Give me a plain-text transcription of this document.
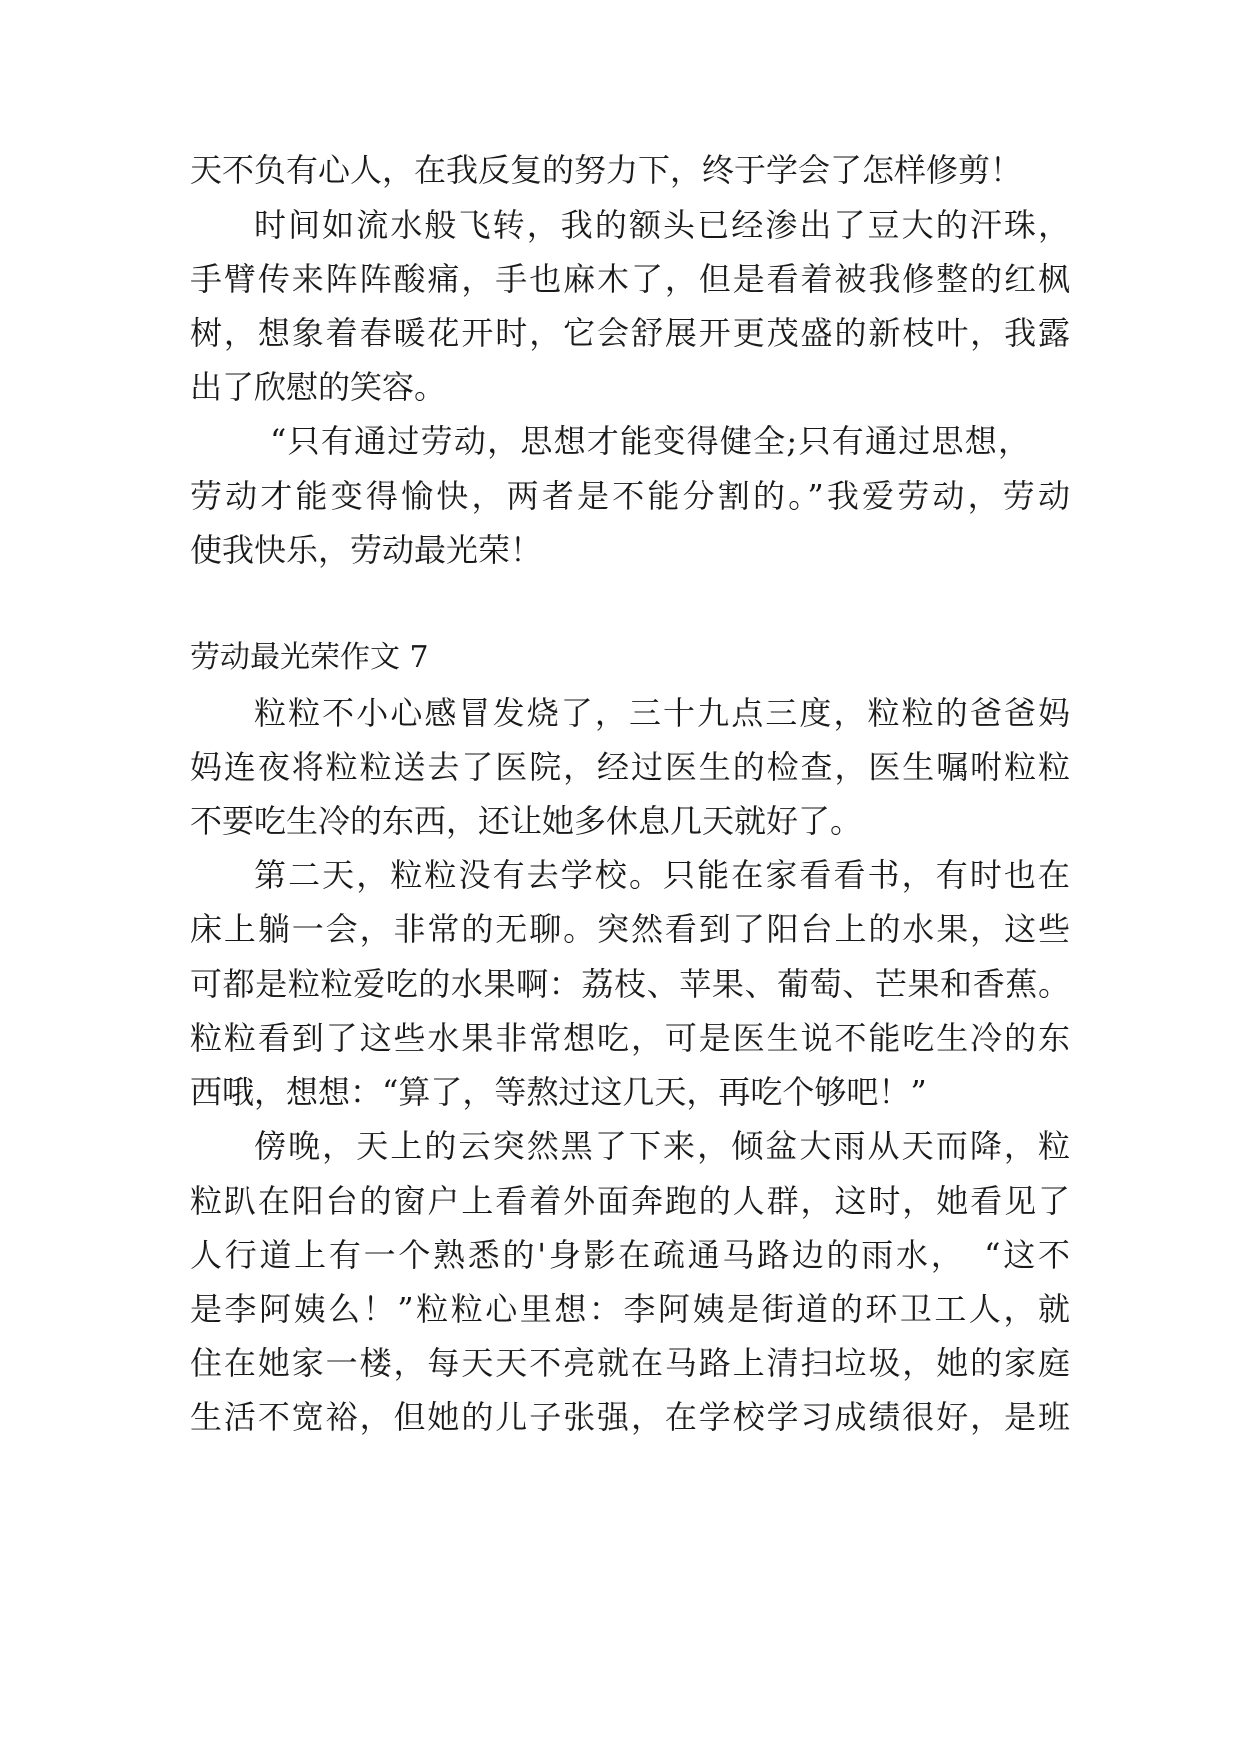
天不负有心人，在我反复的努力下，终于学会了怎样修剪！
时间如流水般飞转，我的额头已经渗出了豆大的汗珠，
手臂传来阵阵酸痛，手也麻木了，但是看着被我修整的红枫
树，想象着春暖花开时，它会舒展开更茂盛的新枝叶，我露
出了欣慰的笑容。
“只有通过劳动，思想才能变得健全;只有通过思想，
劳动才能变得愉快，两者是不能分割的。”我爱劳动，劳动
使我快乐，劳动最光荣！
劳动最光荣作文 7
粒粒不小心感冒发烧了，三十九点三度，粒粒的爸爸妈
妈连夜将粒粒送去了医院，经过医生的检查，医生嘱咐粒粒
不要吃生冷的东西，还让她多休息几天就好了。
第二天，粒粒没有去学校。只能在家看看书，有时也在
床上躺一会，非常的无聊。突然看到了阳台上的水果，这些
可都是粒粒爱吃的水果啊：荔枝、苹果、葡萄、芒果和香蕉。
粒粒看到了这些水果非常想吃，可是医生说不能吃生冷的东
西哦，想想：“算了，等熬过这几天，再吃个够吧！”
傍晚，天上的云突然黑了下来，倾盆大雨从天而降，粒
粒趴在阳台的窗户上看着外面奔跑的人群，这时，她看见了
人行道上有一个熟悉的'身影在疏通马路边的雨水，　“这不
是李阿姨么！”粒粒心里想：李阿姨是街道的环卫工人，就
住在她家一楼，每天天不亮就在马路上清扫垃圾，她的家庭
生活不宽裕，但她的儿子张强，在学校学习成绩很好，是班
